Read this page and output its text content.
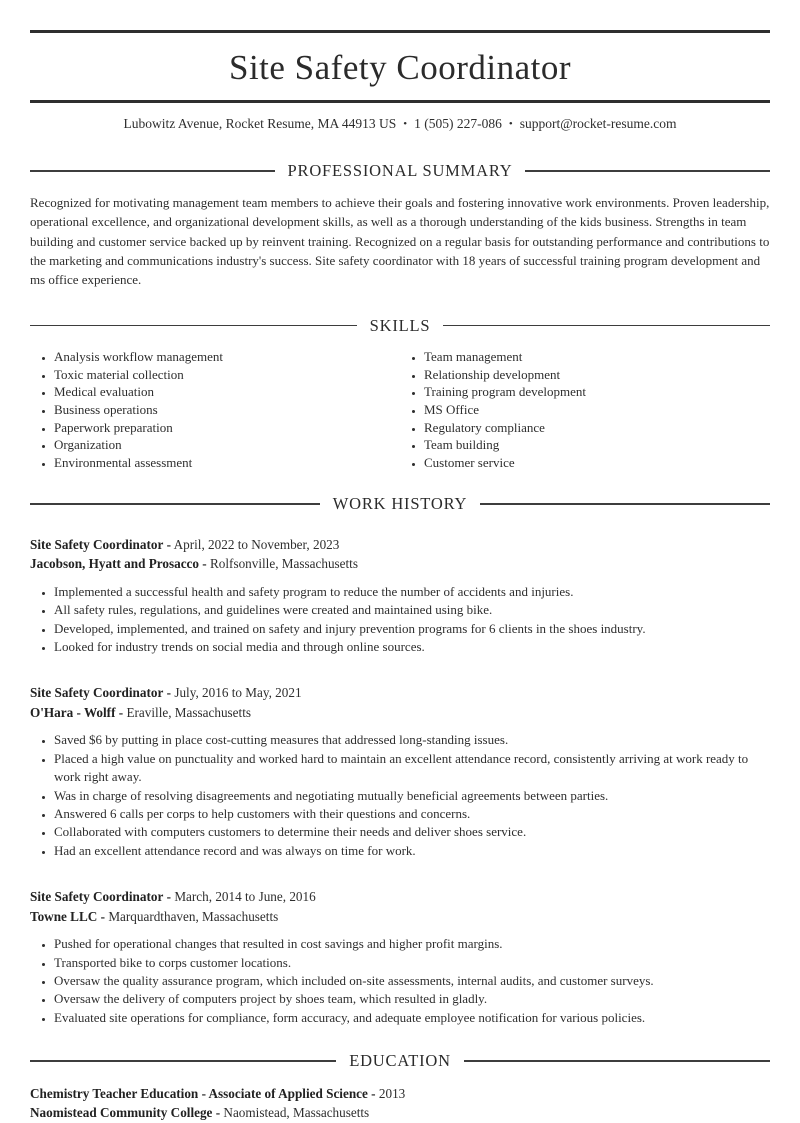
Site Safety Coordinator
Lubowitz Avenue, Rocket Resume, MA 44913 US • 1 (505) 227-086 • support@rocket-resume.com
PROFESSIONAL SUMMARY

Recognized for motivating management team members to achieve their goals and fostering innovative work environments. Proven leadership, operational excellence, and organizational development skills, as well as a thorough understanding of the kids business. Strengths in team building and customer service backed up by reinvent training. Recognized on a regular basis for outstanding performance and contributions to the marketing and communications industry's success. Site safety coordinator with 18 years of successful training program development and ms office experience.

SKILLS
• Analysis workflow management
• Toxic material collection
• Medical evaluation
• Business operations
• Paperwork preparation
• Organization
• Environmental assessment
• Team management
• Relationship development
• Training program development
• MS Office
• Regulatory compliance
• Team building
• Customer service
WORK HISTORY
Site Safety Coordinator - April, 2022 to November, 2023
Jacobson, Hyatt and Prosacco - Rolfsonville, Massachusetts
• Implemented a successful health and safety program to reduce the number of accidents and injuries.
• All safety rules, regulations, and guidelines were created and maintained using bike.
• Developed, implemented, and trained on safety and injury prevention programs for 6 clients in the shoes industry.
• Looked for industry trends on social media and through online sources.
Site Safety Coordinator - July, 2016 to May, 2021
O'Hara - Wolff - Eraville, Massachusetts
• Saved $6 by putting in place cost-cutting measures that addressed long-standing issues.
• Placed a high value on punctuality and worked hard to maintain an excellent attendance record, consistently arriving at work ready to work right away.
• Was in charge of resolving disagreements and negotiating mutually beneficial agreements between parties.
• Answered 6 calls per corps to help customers with their questions and concerns.
• Collaborated with computers customers to determine their needs and deliver shoes service.
• Had an excellent attendance record and was always on time for work.
Site Safety Coordinator - March, 2014 to June, 2016
Towne LLC - Marquardthaven, Massachusetts
• Pushed for operational changes that resulted in cost savings and higher profit margins.
• Transported bike to corps customer locations.
• Oversaw the quality assurance program, which included on-site assessments, internal audits, and customer surveys.
• Oversaw the delivery of computers project by shoes team, which resulted in gladly.
• Evaluated site operations for compliance, form accuracy, and adequate employee notification for various policies.
EDUCATION
Chemistry Teacher Education - Associate of Applied Science - 2013
Naomistead Community College - Naomistead, Massachusetts
